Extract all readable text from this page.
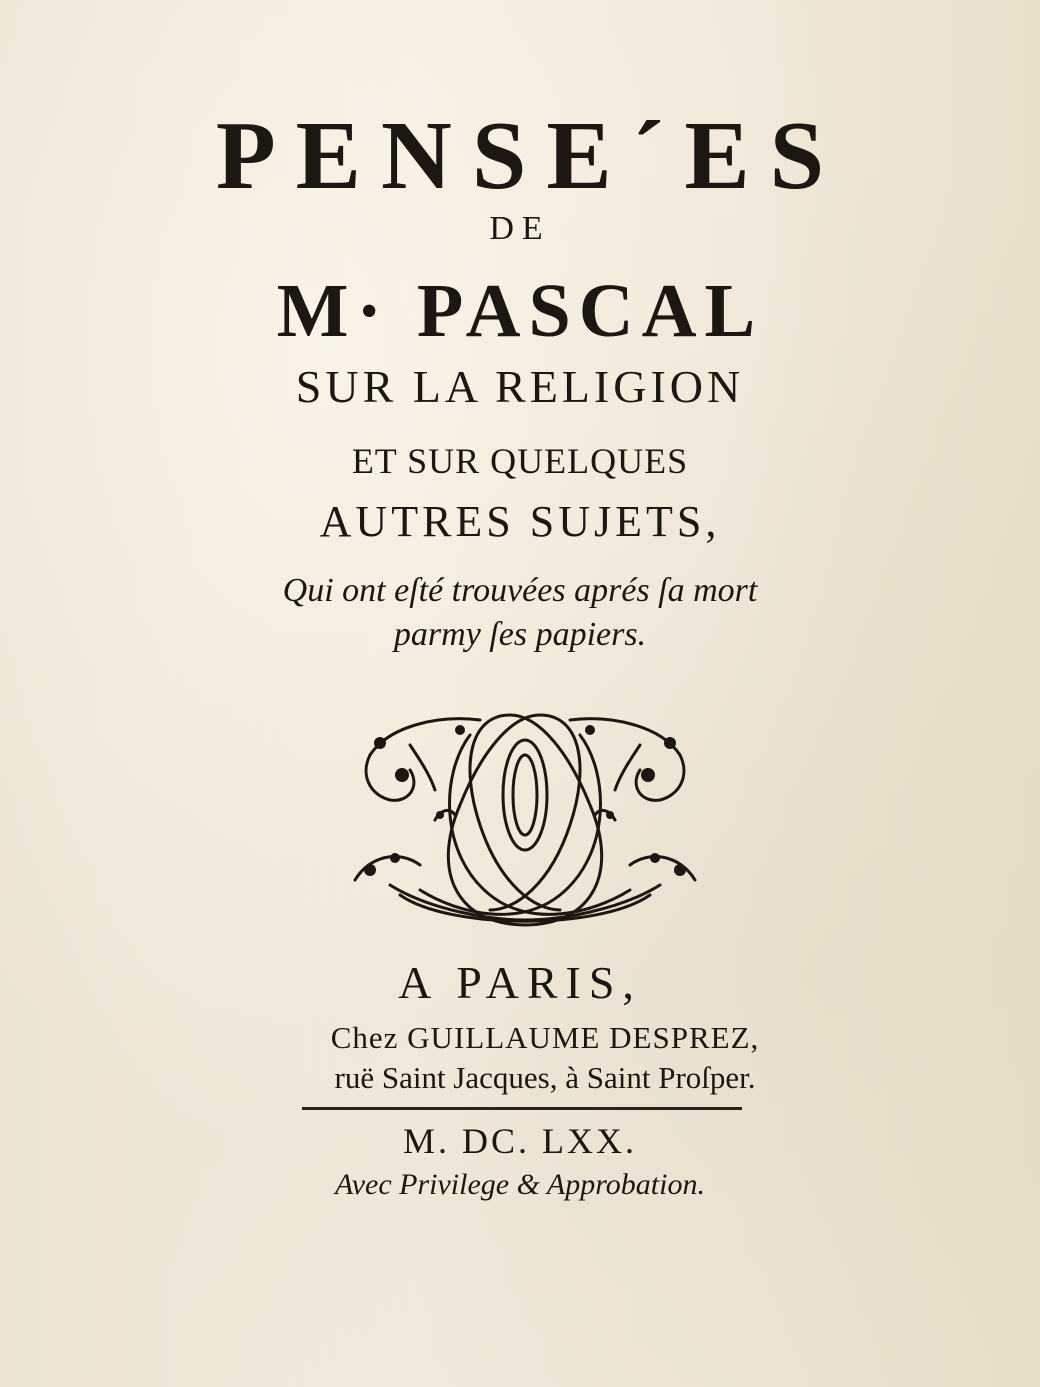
PENSE´ES
DE
M· PASCAL
SUR LA RELIGION
ET SUR QUELQUES
AUTRES SUJETS,
Qui ont eſté trouvées aprés ſa mort
parmy ſes papiers.
A PARIS,
Chez GUILLAUME DESPREZ,
ruë Saint Jacques, à Saint Proſper.
M. DC. LXX.
Avec Privilege & Approbation.
